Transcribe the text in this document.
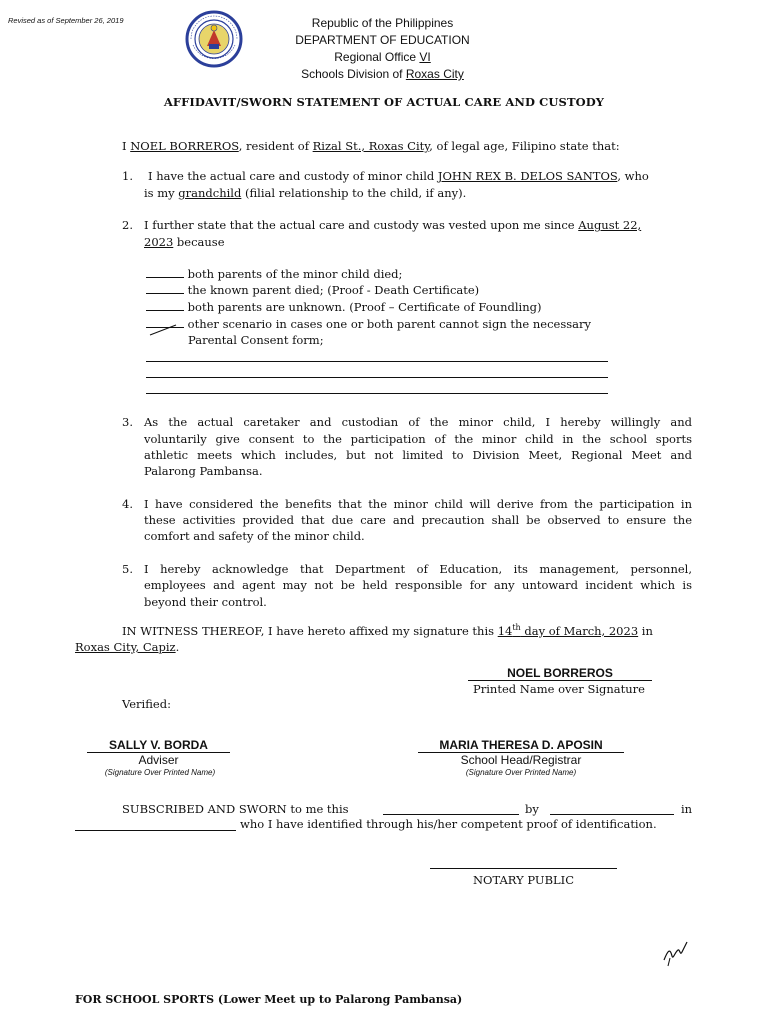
Revised as of September 26, 2019	Republic of the Philippines
DEPARTMENT OF EDUCATION
Regional Office VI
Schools Division of Roxas City
AFFIDAVIT/SWORN STATEMENT OF ACTUAL CARE AND CUSTODY
I NOEL BORREROS, resident of Rizal St., Roxas City, of legal age, Filipino state that:
1. I have the actual care and custody of minor child JOHN REX B. DELOS SANTOS, who
is my grandchild (filial relationship to the child, if any).
2. I further state that the actual care and custody was vested upon me since August 22,
2023 because
both parents of the minor child died;
the known parent died; (Proof - Death Certificate)
both parents are unknown. (Proof – Certificate of Foundling)
other scenario in cases one or both parent cannot sign the necessary
Parental Consent form;
3. As the actual caretaker and custodian of the minor child, I hereby willingly and
voluntarily give consent to the participation of the minor child in the school sports
athletic meets which includes, but not limited to Division Meet, Regional Meet and
Palarong Pambansa.
4. I have considered the benefits that the minor child will derive from the participation in
these activities provided that due care and precaution shall be observed to ensure the
comfort and safety of the minor child.
5. I hereby acknowledge that Department of Education, its management, personnel,
employees and agent may not be held responsible for any untoward incident which is
beyond their control.
IN WITNESS THEREOF, I have hereto affixed my signature this 14th day of March, 2023 in
Roxas City, Capiz.
NOEL BORREROS
Printed Name over Signature
Verified:
SALLY V. BORDA
Adviser
(Signature Over Printed Name)
MARIA THERESA D. APOSIN
School Head/Registrar
(Signature Over Printed Name)
SUBSCRIBED AND SWORN to me this	by	in
who I have identified through his/her competent proof of identification.
NOTARY PUBLIC
FOR SCHOOL SPORTS (Lower Meet up to Palarong Pambansa)
